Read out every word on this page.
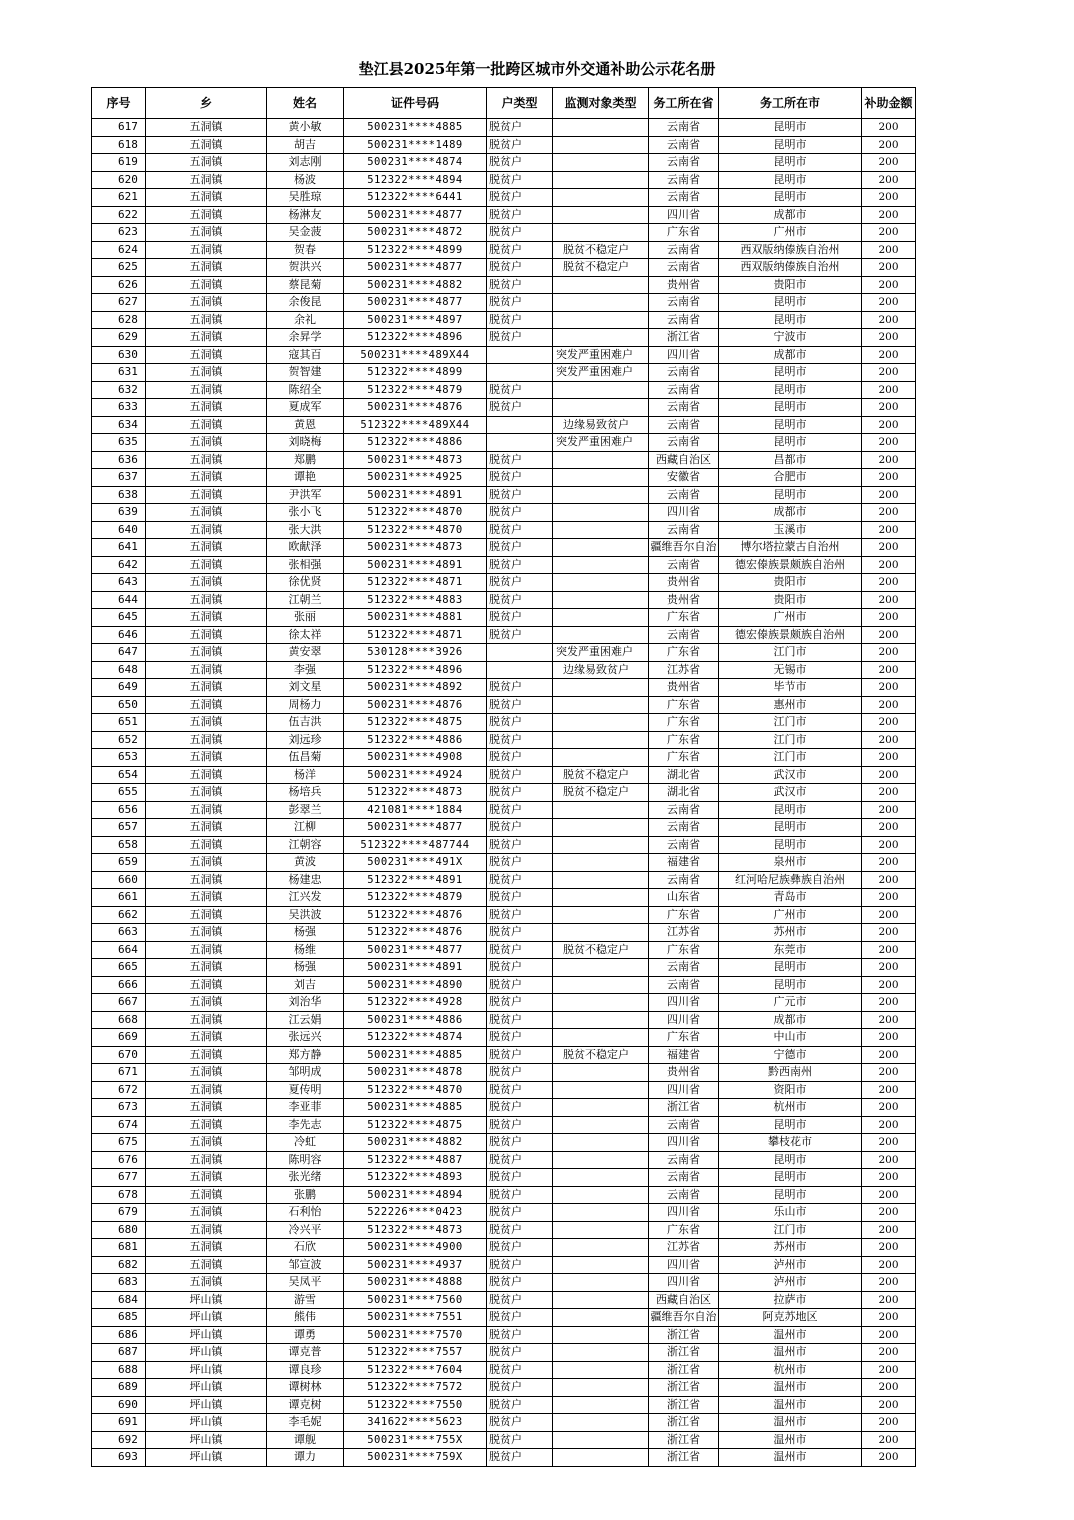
垫江县2025年第一批跨区城市外交通补助公示花名册
序号	乡	姓名	证件号码	户类型	监测对象类型	务工所在省	务工所在市	补助金额
617	五洞镇	黄小敏	500231****4885	脱贫户		云南省	昆明市	200
618	五洞镇	胡吉	500231****1489	脱贫户		云南省	昆明市	200
619	五洞镇	刘志刚	500231****4874	脱贫户		云南省	昆明市	200
620	五洞镇	杨波	512322****4894	脱贫户		云南省	昆明市	200
621	五洞镇	吴胜琼	512322****6441	脱贫户		云南省	昆明市	200
622	五洞镇	杨淋友	500231****4877	脱贫户		四川省	成都市	200
623	五洞镇	吴金菠	500231****4872	脱贫户		广东省	广州市	200
624	五洞镇	贺春	512322****4899	脱贫户	脱贫不稳定户	云南省	西双版纳傣族自治州	200
625	五洞镇	贺洪兴	500231****4877	脱贫户	脱贫不稳定户	云南省	西双版纳傣族自治州	200
626	五洞镇	蔡昆菊	500231****4882	脱贫户		贵州省	贵阳市	200
627	五洞镇	余俊昆	500231****4877	脱贫户		云南省	昆明市	200
628	五洞镇	余礼	500231****4897	脱贫户		云南省	昆明市	200
629	五洞镇	余昇学	512322****4896	脱贫户		浙江省	宁波市	200
630	五洞镇	寇其百	500231****489X44		突发严重困难户	四川省	成都市	200
631	五洞镇	贺智建	512322****4899		突发严重困难户	云南省	昆明市	200
632	五洞镇	陈绍全	512322****4879	脱贫户		云南省	昆明市	200
633	五洞镇	夏成军	500231****4876	脱贫户		云南省	昆明市	200
634	五洞镇	黄恩	512322****489X44		边缘易致贫户	云南省	昆明市	200
635	五洞镇	刘晓梅	512322****4886		突发严重困难户	云南省	昆明市	200
636	五洞镇	郑鹏	500231****4873	脱贫户		西藏自治区	昌都市	200
637	五洞镇	谭艳	500231****4925	脱贫户		安徽省	合肥市	200
638	五洞镇	尹洪军	500231****4891	脱贫户		云南省	昆明市	200
639	五洞镇	张小飞	512322****4870	脱贫户		四川省	成都市	200
640	五洞镇	张大洪	512322****4870	脱贫户		云南省	玉溪市	200
641	五洞镇	欧献泽	500231****4873	脱贫户		疆维吾尔自治	博尔塔拉蒙古自治州	200
642	五洞镇	张相强	500231****4891	脱贫户		云南省	德宏傣族景颇族自治州	200
643	五洞镇	徐优贤	512322****4871	脱贫户		贵州省	贵阳市	200
644	五洞镇	江朝兰	512322****4883	脱贫户		贵州省	贵阳市	200
645	五洞镇	张丽	500231****4881	脱贫户		广东省	广州市	200
646	五洞镇	徐太祥	512322****4871	脱贫户		云南省	德宏傣族景颇族自治州	200
647	五洞镇	黄安翠	530128****3926		突发严重困难户	广东省	江门市	200
648	五洞镇	李强	512322****4896		边缘易致贫户	江苏省	无锡市	200
649	五洞镇	刘文星	500231****4892	脱贫户		贵州省	毕节市	200
650	五洞镇	周杨力	500231****4876	脱贫户		广东省	惠州市	200
651	五洞镇	伍吉洪	512322****4875	脱贫户		广东省	江门市	200
652	五洞镇	刘远珍	512322****4886	脱贫户		广东省	江门市	200
653	五洞镇	伍昌菊	500231****4908	脱贫户		广东省	江门市	200
654	五洞镇	杨洋	500231****4924	脱贫户	脱贫不稳定户	湖北省	武汉市	200
655	五洞镇	杨培兵	512322****4873	脱贫户	脱贫不稳定户	湖北省	武汉市	200
656	五洞镇	彭翠兰	421081****1884	脱贫户		云南省	昆明市	200
657	五洞镇	江柳	500231****4877	脱贫户		云南省	昆明市	200
658	五洞镇	江朝容	512322****487744	脱贫户		云南省	昆明市	200
659	五洞镇	黄波	500231****491X	脱贫户		福建省	泉州市	200
660	五洞镇	杨建忠	512322****4891	脱贫户		云南省	红河哈尼族彝族自治州	200
661	五洞镇	江兴发	512322****4879	脱贫户		山东省	青岛市	200
662	五洞镇	吴洪波	512322****4876	脱贫户		广东省	广州市	200
663	五洞镇	杨强	512322****4876	脱贫户		江苏省	苏州市	200
664	五洞镇	杨维	500231****4877	脱贫户	脱贫不稳定户	广东省	东莞市	200
665	五洞镇	杨强	500231****4891	脱贫户		云南省	昆明市	200
666	五洞镇	刘吉	500231****4890	脱贫户		云南省	昆明市	200
667	五洞镇	刘治华	512322****4928	脱贫户		四川省	广元市	200
668	五洞镇	江云娟	500231****4886	脱贫户		四川省	成都市	200
669	五洞镇	张远兴	512322****4874	脱贫户		广东省	中山市	200
670	五洞镇	郑方静	500231****4885	脱贫户	脱贫不稳定户	福建省	宁德市	200
671	五洞镇	邹明成	500231****4878	脱贫户		贵州省	黔西南州	200
672	五洞镇	夏传明	512322****4870	脱贫户		四川省	资阳市	200
673	五洞镇	李亚菲	500231****4885	脱贫户		浙江省	杭州市	200
674	五洞镇	李先志	512322****4875	脱贫户		云南省	昆明市	200
675	五洞镇	冷虹	500231****4882	脱贫户		四川省	攀枝花市	200
676	五洞镇	陈明容	512322****4887	脱贫户		云南省	昆明市	200
677	五洞镇	张光绪	512322****4893	脱贫户		云南省	昆明市	200
678	五洞镇	张鹏	500231****4894	脱贫户		云南省	昆明市	200
679	五洞镇	石利怡	522226****0423	脱贫户		四川省	乐山市	200
680	五洞镇	冷兴平	512322****4873	脱贫户		广东省	江门市	200
681	五洞镇	石欣	500231****4900	脱贫户		江苏省	苏州市	200
682	五洞镇	邹宣波	500231****4937	脱贫户		四川省	泸州市	200
683	五洞镇	吴凤平	500231****4888	脱贫户		四川省	泸州市	200
684	坪山镇	游雪	500231****7560	脱贫户		西藏自治区	拉萨市	200
685	坪山镇	熊伟	500231****7551	脱贫户		疆维吾尔自治	阿克苏地区	200
686	坪山镇	谭勇	500231****7570	脱贫户		浙江省	温州市	200
687	坪山镇	谭克普	512322****7557	脱贫户		浙江省	温州市	200
688	坪山镇	谭良珍	512322****7604	脱贫户		浙江省	杭州市	200
689	坪山镇	谭树林	512322****7572	脱贫户		浙江省	温州市	200
690	坪山镇	谭克树	512322****7550	脱贫户		浙江省	温州市	200
691	坪山镇	李毛妮	341622****5623	脱贫户		浙江省	温州市	200
692	坪山镇	谭舰	500231****755X	脱贫户		浙江省	温州市	200
693	坪山镇	谭力	500231****759X	脱贫户		浙江省	温州市	200
